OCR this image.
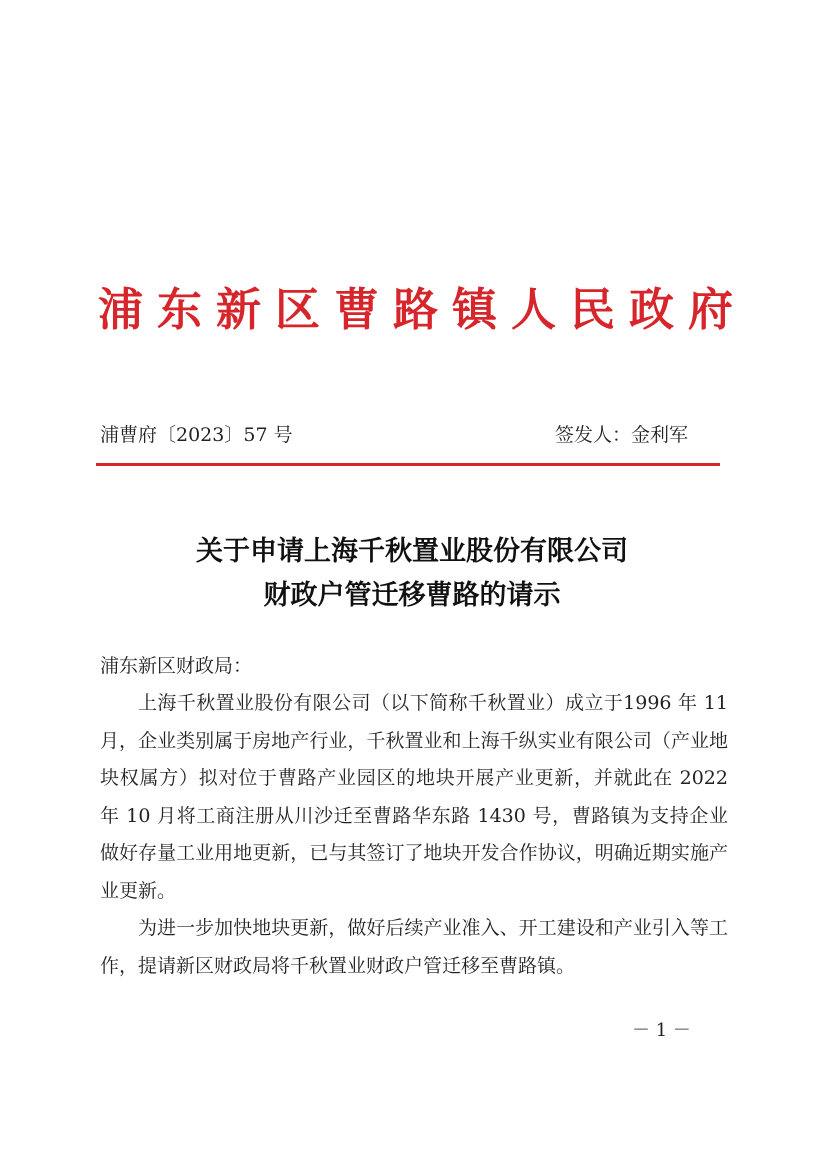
浦东新区曹路镇人民政府
浦曹府〔2023〕57 号	签发人：金利军
关于申请上海千秋置业股份有限公司
财政户管迁移曹路的请示
浦东新区财政局：

上海千秋置业股份有限公司（以下简称千秋置业）成立于1996 年 11 月，企业类别属于房地产行业，千秋置业和上海千纵实业有限公司（产业地块权属方）拟对位于曹路产业园区的地块开展产业更新，并就此在 2022 年 10 月将工商注册从川沙迁至曹路华东路 1430 号，曹路镇为支持企业做好存量工业用地更新，已与其签订了地块开发合作协议，明确近期实施产业更新。

为进一步加快地块更新，做好后续产业准入、开工建设和产业引入等工作，提请新区财政局将千秋置业财政户管迁移至曹路镇。

－ 1 －
